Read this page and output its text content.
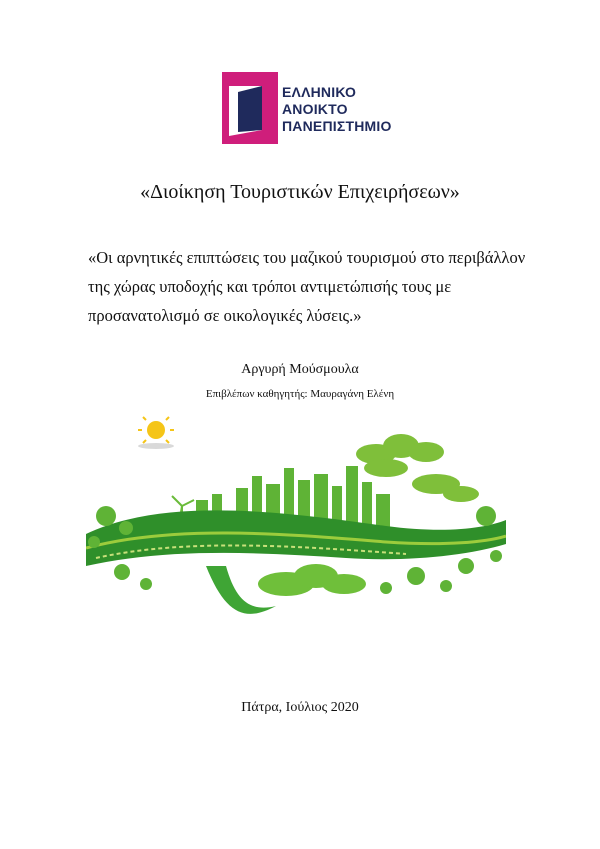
ΕΛΛΗΝΙΚΟ
ΑΝΟΙΚΤΟ
ΠΑΝΕΠΙΣΤΗΜΙΟ
«Διοίκηση Τουριστικών Επιχειρήσεων»
«Οι αρνητικές επιπτώσεις του μαζικού τουρισμού στο περιβάλλον της χώρας υποδοχής και τρόποι αντιμετώπισής τους με προσανατολισμό σε οικολογικές λύσεις.»
Αργυρή Μούσμουλα
Επιβλέπων καθηγητής: Μαυραγάνη Ελένη
Πάτρα, Ιούλιος 2020
